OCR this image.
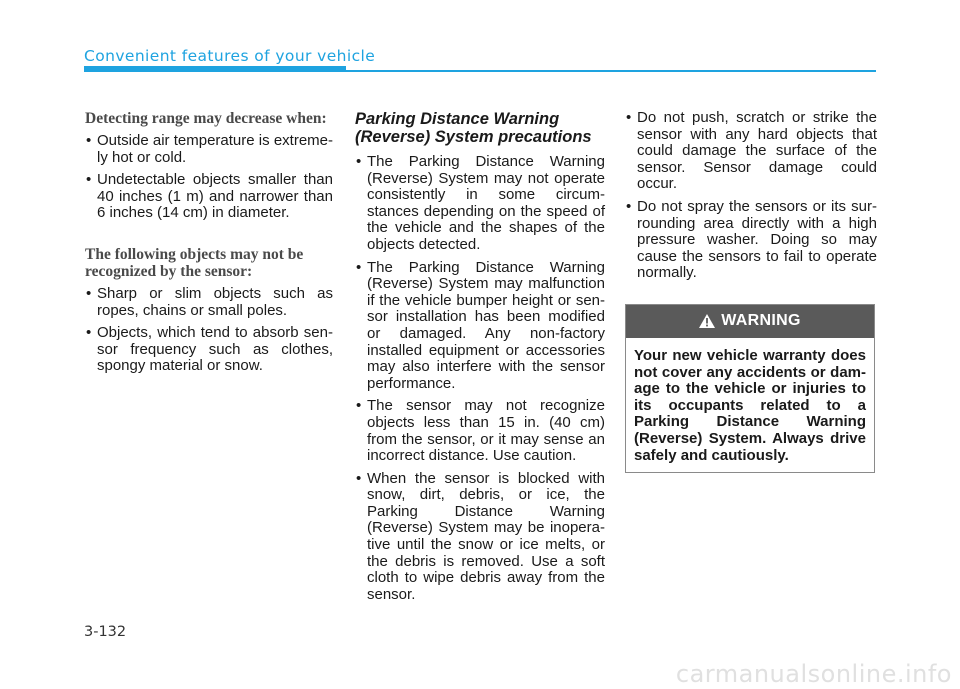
Convenient features of your vehicle
Detecting range may decrease when:
• Outside air temperature is extreme-ly hot or cold.
• Undetectable objects smaller than 40 inches (1 m) and narrower than 6 inches (14 cm) in diameter.
The following objects may not be recognized by the sensor:
• Sharp or slim objects such as ropes, chains or small poles.
• Objects, which tend to absorb sen-sor frequency such as clothes, spongy material or snow.
Parking Distance Warning (Reverse) System precautions
• The Parking Distance Warning (Reverse) System may not operate consistently in some circum-stances depending on the speed of the vehicle and the shapes of the objects detected.
• The Parking Distance Warning (Reverse) System may malfunction if the vehicle bumper height or sen-sor installation has been modified or damaged. Any non-factory installed equipment or accessories may also interfere with the sensor performance.
• The sensor may not recognize objects less than 15 in. (40 cm) from the sensor, or it may sense an incorrect distance. Use caution.
• When the sensor is blocked with snow, dirt, debris, or ice, the Parking Distance Warning (Reverse) System may be inopera-tive until the snow or ice melts, or the debris is removed. Use a soft cloth to wipe debris away from the sensor.
• Do not push, scratch or strike the sensor with any hard objects that could damage the surface of the sensor. Sensor damage could occur.
• Do not spray the sensors or its sur-rounding area directly with a high pressure washer. Doing so may cause the sensors to fail to operate normally.
WARNING
Your new vehicle warranty does not cover any accidents or dam-age to the vehicle or injuries to its occupants related to a Parking Distance Warning (Reverse) System. Always drive safely and cautiously.
3-132
carmanualsonline.info
